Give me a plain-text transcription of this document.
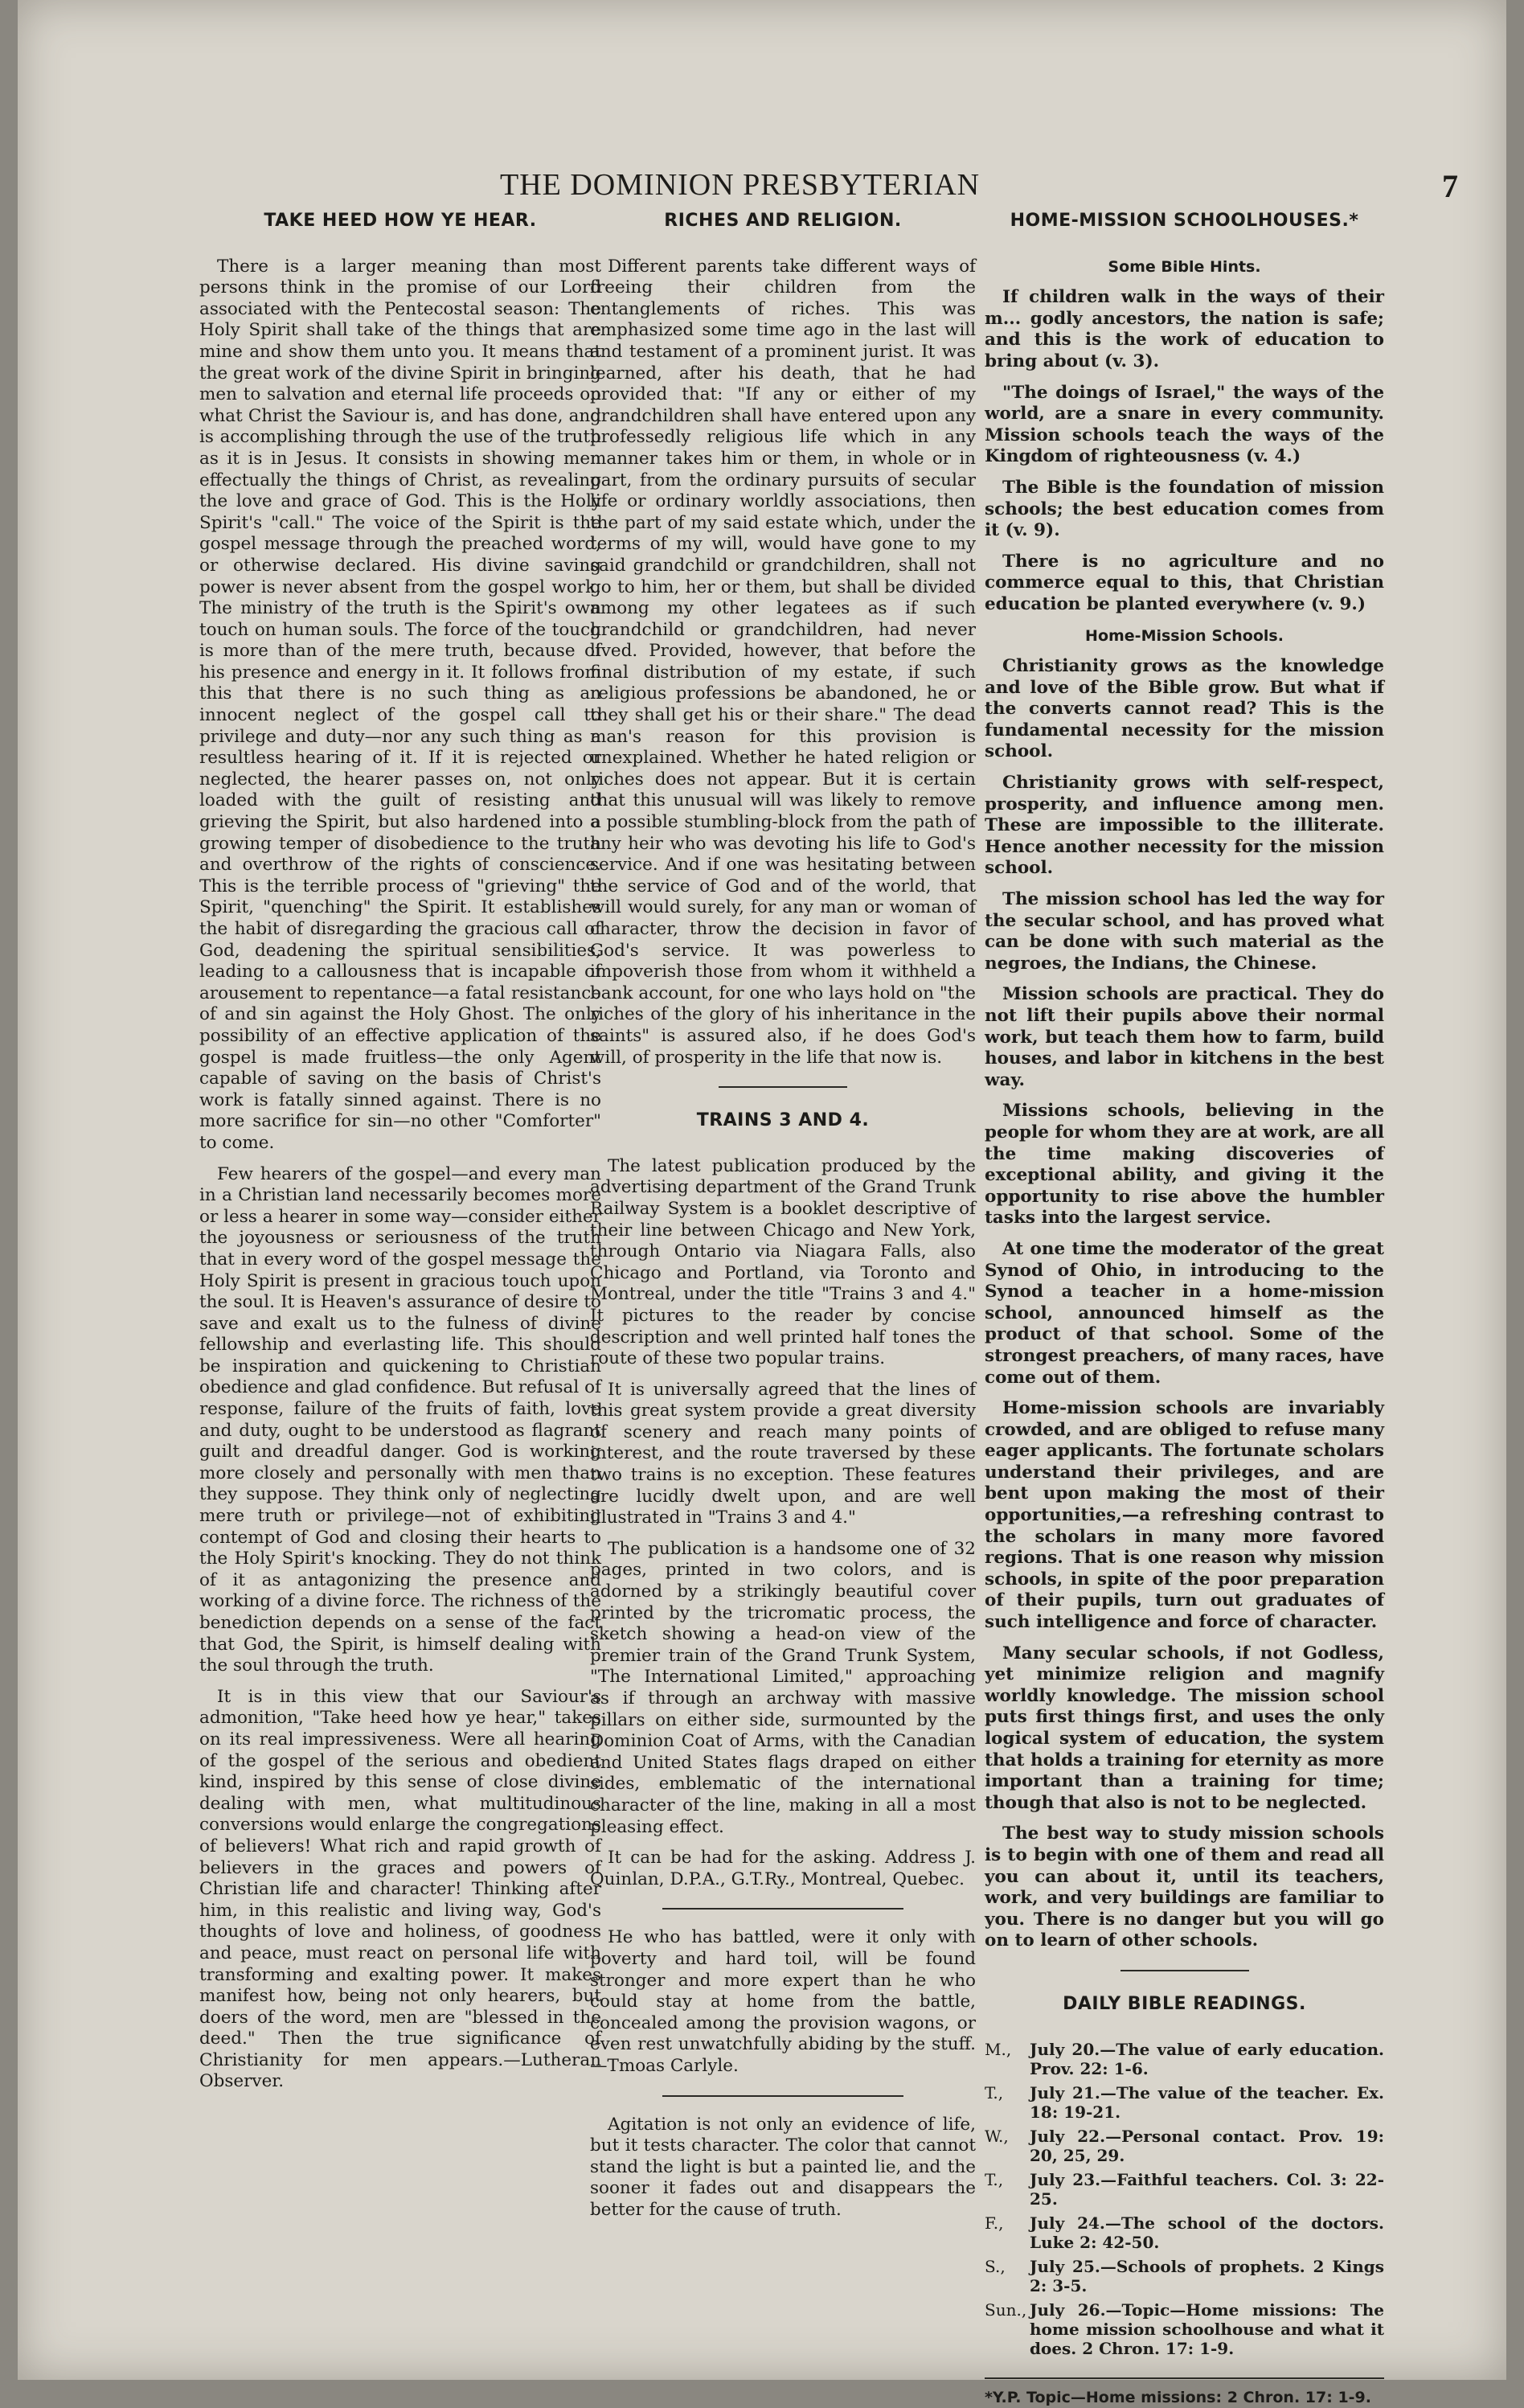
THE DOMINION PRESBYTERIAN	7
TAKE HEED HOW YE HEAR.

There is a larger meaning than most persons think in the promise of our Lord associated with the Pentecostal season: The Holy Spirit shall take of the things that are mine and show them unto you. It means that the great work of the divine Spirit in bringing men to salvation and eternal life proceeds on what Christ the Saviour is, and has done, and is accomplishing through the use of the truth as it is in Jesus. It consists in showing men effectually the things of Christ, as revealing the love and grace of God. This is the Holy Spirit's "call." The voice of the Spirit is the gospel message through the preached word, or otherwise declared. His divine saving power is never absent from the gospel work. The ministry of the truth is the Spirit's own touch on human souls. The force of the touch is more than of the mere truth, because of his presence and energy in it. It follows from this that there is no such thing as an innocent neglect of the gospel call to privilege and duty—nor any such thing as a resultless hearing of it. If it is rejected or neglected, the hearer passes on, not only loaded with the guilt of resisting and grieving the Spirit, but also hardened into a growing temper of disobedience to the truth and overthrow of the rights of conscience. This is the terrible process of "grieving" the Spirit, "quenching" the Spirit. It establishes the habit of disregarding the gracious call of God, deadening the spiritual sensibilities, leading to a callousness that is incapable of arousement to repentance—a fatal resistance of and sin against the Holy Ghost. The only possibility of an effective application of the gospel is made fruitless—the only Agent capable of saving on the basis of Christ's work is fatally sinned against. There is no more sacrifice for sin—no other "Comforter" to come.

Few hearers of the gospel—and every man in a Christian land necessarily becomes more or less a hearer in some way—consider either the joyousness or seriousness of the truth that in every word of the gospel message the Holy Spirit is present in gracious touch upon the soul. It is Heaven's assurance of desire to save and exalt us to the fulness of divine fellowship and everlasting life. This should be inspiration and quickening to Christian obedience and glad confidence. But refusal of response, failure of the fruits of faith, love and duty, ought to be understood as flagrant guilt and dreadful danger. God is working more closely and personally with men than they suppose. They think only of neglecting mere truth or privilege—not of exhibiting contempt of God and closing their hearts to the Holy Spirit's knocking. They do not think of it as antagonizing the presence and working of a divine force. The richness of the benediction depends on a sense of the fact that God, the Spirit, is himself dealing with the soul through the truth.

It is in this view that our Saviour's admonition, "Take heed how ye hear," takes on its real impressiveness. Were all hearing of the gospel of the serious and obedient kind, inspired by this sense of close divine dealing with men, what multitudinous conversions would enlarge the congregations of believers! What rich and rapid growth of believers in the graces and powers of Christian life and character! Thinking after him, in this realistic and living way, God's thoughts of love and holiness, of goodness and peace, must react on personal life with transforming and exalting power. It makes manifest how, being not only hearers, but doers of the word, men are "blessed in the deed." Then the true significance of Christianity for men appears.—Lutheran Observer.

RICHES AND RELIGION.

Different parents take different ways of freeing their children from the entanglements of riches. This was emphasized some time ago in the last will and testament of a prominent jurist. It was learned, after his death, that he had provided that: "If any or either of my grandchildren shall have entered upon any professedly religious life which in any manner takes him or them, in whole or in part, from the ordinary pursuits of secular life or ordinary worldly associations, then the part of my said estate which, under the terms of my will, would have gone to my said grandchild or grandchildren, shall not go to him, her or them, but shall be divided among my other legatees as if such grandchild or grandchildren, had never lived. Provided, however, that before the final distribution of my estate, if such religious professions be abandoned, he or they shall get his or their share." The dead man's reason for this provision is unexplained. Whether he hated religion or riches does not appear. But it is certain that this unusual will was likely to remove a possible stumbling-block from the path of any heir who was devoting his life to God's service. And if one was hesitating between the service of God and of the world, that will would surely, for any man or woman of character, throw the decision in favor of God's service. It was powerless to impoverish those from whom it withheld a bank account, for one who lays hold on "the riches of the glory of his inheritance in the saints" is assured also, if he does God's will, of prosperity in the life that now is.

TRAINS 3 AND 4.

The latest publication produced by the advertising department of the Grand Trunk Railway System is a booklet descriptive of their line between Chicago and New York, through Ontario via Niagara Falls, also Chicago and Portland, via Toronto and Montreal, under the title "Trains 3 and 4." It pictures to the reader by concise description and well printed half tones the route of these two popular trains.

It is universally agreed that the lines of this great system provide a great diversity of scenery and reach many points of interest, and the route traversed by these two trains is no exception. These features are lucidly dwelt upon, and are well illustrated in "Trains 3 and 4."

The publication is a handsome one of 32 pages, printed in two colors, and is adorned by a strikingly beautiful cover printed by the tricromatic process, the sketch showing a head-on view of the premier train of the Grand Trunk System, "The International Limited," approaching as if through an archway with massive pillars on either side, surmounted by the Dominion Coat of Arms, with the Canadian and United States flags draped on either sides, emblematic of the international character of the line, making in all a most pleasing effect.

It can be had for the asking. Address J. Quinlan, D.P.A., G.T.Ry., Montreal, Quebec.

He who has battled, were it only with poverty and hard toil, will be found stronger and more expert than he who could stay at home from the battle, concealed among the provision wagons, or even rest unwatchfully abiding by the stuff.—Tmoas Carlyle.

Agitation is not only an evidence of life, but it tests character. The color that cannot stand the light is but a painted lie, and the sooner it fades out and disappears the better for the cause of truth.

HOME-MISSION SCHOOLHOUSES.*
Some Bible Hints.

If children walk in the ways of their m... godly ancestors, the nation is safe; and this is the work of education to bring about (v. 3).

"The doings of Israel," the ways of the world, are a snare in every community. Mission schools teach the ways of the Kingdom of righteousness (v. 4.)

The Bible is the foundation of mission schools; the best education comes from it (v. 9).

There is no agriculture and no commerce equal to this, that Christian education be planted everywhere (v. 9.)

Home-Mission Schools.

Christianity grows as the knowledge and love of the Bible grow. But what if the converts cannot read? This is the fundamental necessity for the mission school.

Christianity grows with self-respect, prosperity, and influence among men. These are impossible to the illiterate. Hence another necessity for the mission school.

The mission school has led the way for the secular school, and has proved what can be done with such material as the negroes, the Indians, the Chinese.

Mission schools are practical. They do not lift their pupils above their normal work, but teach them how to farm, build houses, and labor in kitchens in the best way.

Missions schools, believing in the people for whom they are at work, are all the time making discoveries of exceptional ability, and giving it the opportunity to rise above the humbler tasks into the largest service.

At one time the moderator of the great Synod of Ohio, in introducing to the Synod a teacher in a home-mission school, announced himself as the product of that school. Some of the strongest preachers, of many races, have come out of them.

Home-mission schools are invariably crowded, and are obliged to refuse many eager applicants. The fortunate scholars understand their privileges, and are bent upon making the most of their opportunities,—a refreshing contrast to the scholars in many more favored regions. That is one reason why mission schools, in spite of the poor preparation of their pupils, turn out graduates of such intelligence and force of character.

Many secular schools, if not Godless, yet minimize religion and magnify worldly knowledge. The mission school puts first things first, and uses the only logical system of education, the system that holds a training for eternity as more important than a training for time; though that also is not to be neglected.

The best way to study mission schools is to begin with one of them and read all you can about it, until its teachers, work, and very buildings are familiar to you. There is no danger but you will go on to learn of other schools.

DAILY BIBLE READINGS.
M.,	July 20.—The value of early education. Prov. 22: 1-6.
T.,	July 21.—The value of the teacher. Ex. 18: 19-21.
W.,	July 22.—Personal contact. Prov. 19: 20, 25, 29.
T.,	July 23.—Faithful teachers. Col. 3: 22-25.
F.,	July 24.—The school of the doctors. Luke 2: 42-50.
S.,	July 25.—Schools of prophets. 2 Kings 2: 3-5.
Sun., July 26.—Topic—Home missions: The home mission schoolhouse and what it does. 2 Chron. 17: 1-9.
*Y.P. Topic—Home missions: 2 Chron. 17: 1-9.
